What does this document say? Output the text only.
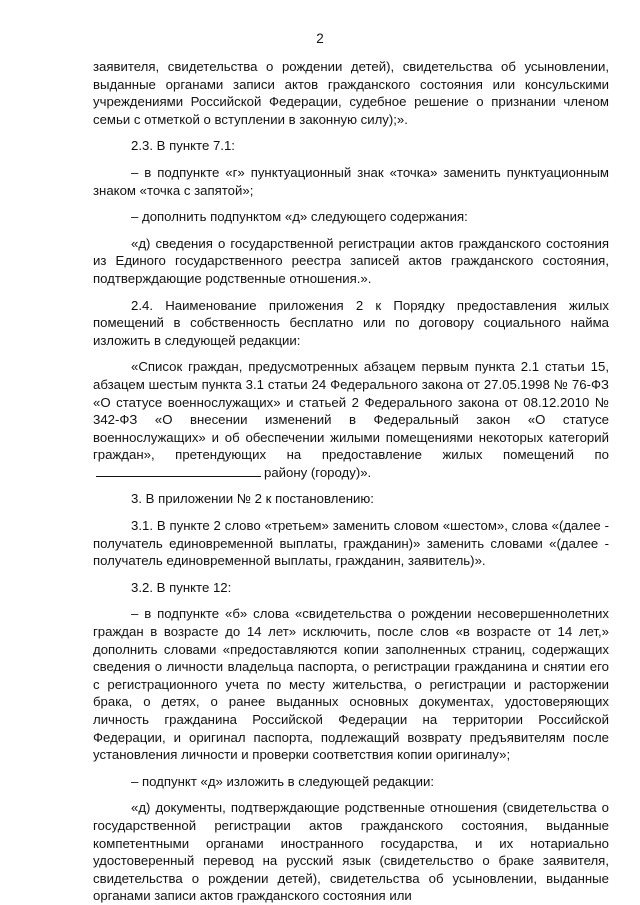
2

заявителя, свидетельства о рождении детей), свидетельства об усыновлении, выданные органами записи актов гражданского состояния или консульскими учреждениями Российской Федерации, судебное решение о признании членом семьи с отметкой о вступлении в законную силу);».

2.3. В пункте 7.1:

– в подпункте «г» пунктуационный знак «точка» заменить пунктуационным знаком «точка с запятой»;

– дополнить подпунктом «д» следующего содержания:

«д) сведения о государственной регистрации актов гражданского состояния из Единого государственного реестра записей актов гражданского состояния, подтверждающие родственные отношения.».

2.4. Наименование приложения 2 к Порядку предоставления жилых помещений в собственность бесплатно или по договору социального найма изложить в следующей редакции:

«Список граждан, предусмотренных абзацем первым пункта 2.1 статьи 15, абзацем шестым пункта 3.1 статьи 24 Федерального закона от 27.05.1998 № 76-ФЗ «О статусе военнослужащих» и статьей 2 Федерального закона от 08.12.2010 № 342-ФЗ «О внесении изменений в Федеральный закон «О статусе военнослужащих» и об обеспечении жилыми помещениями некоторых категорий граждан», претендующих на предоставление жилых помещений порайону (городу)».

3. В приложении № 2 к постановлению:

3.1. В пункте 2 слово «третьем» заменить словом «шестом», слова «(далее - получатель единовременной выплаты, гражданин)» заменить словами «(далее - получатель единовременной выплаты, гражданин, заявитель)».

3.2. В пункте 12:

– в подпункте «б» слова «свидетельства о рождении несовершеннолетних граждан в возрасте до 14 лет» исключить, после слов «в возрасте от 14 лет,» дополнить словами «предоставляются копии заполненных страниц, содержащих сведения о личности владельца паспорта, о регистрации гражданина и снятии его с регистрационного учета по месту жительства, о регистрации и расторжении брака, о детях, о ранее выданных основных документах, удостоверяющих личность гражданина Российской Федерации на территории Российской Федерации, и оригинал паспорта, подлежащий возврату предъявителям после установления личности и проверки соответствия копии оригиналу»;

– подпункт «д» изложить в следующей редакции:

«д) документы, подтверждающие родственные отношения (свидетельства о государственной регистрации актов гражданского состояния, выданные компетентными органами иностранного государства, и их нотариально удостоверенный перевод на русский язык (свидетельство о браке заявителя, свидетельства о рождении детей), свидетельства об усыновлении, выданные органами записи актов гражданского состояния или
